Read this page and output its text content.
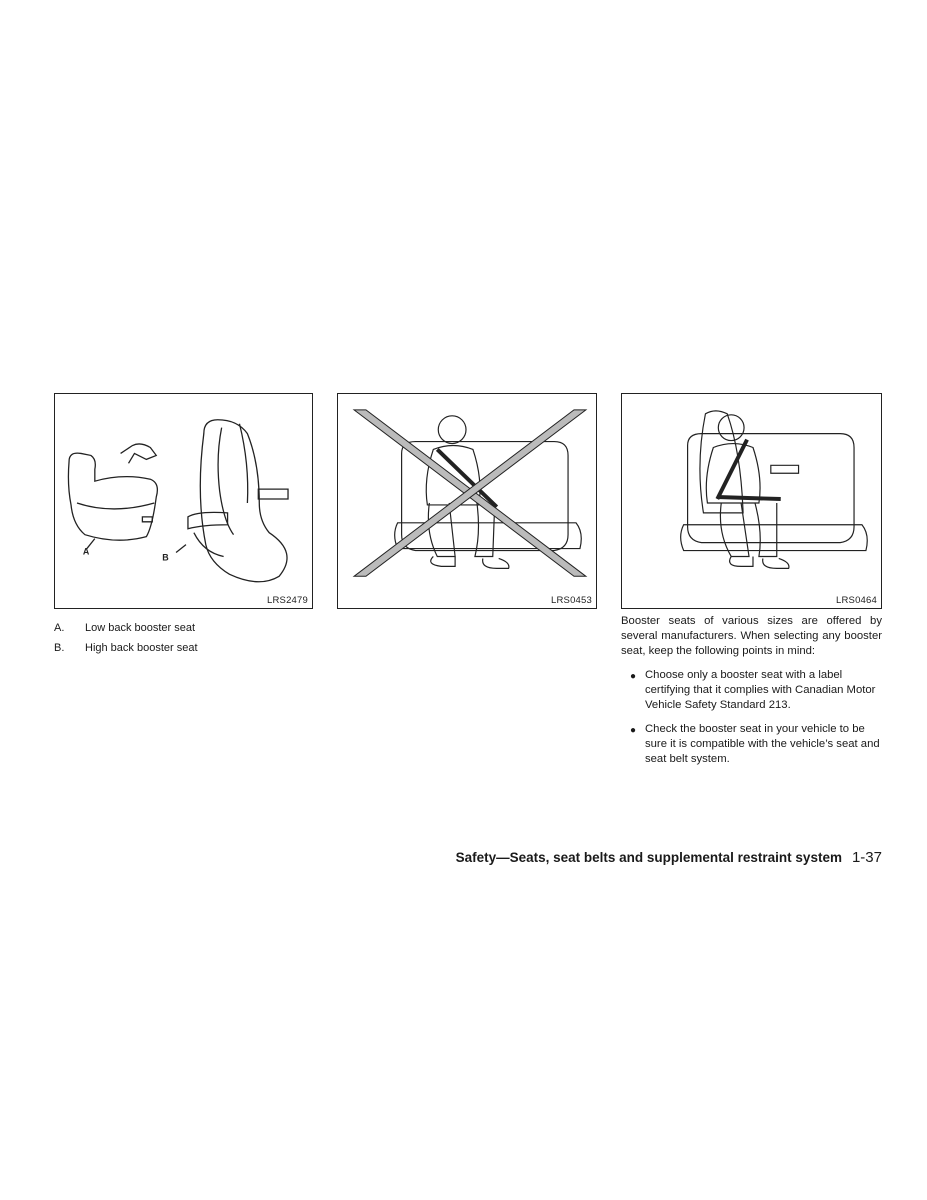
A
B
LRS2479	LRS0453	LRS0464
A.	Low back booster seat
B.	High back booster seat

Booster seats of various sizes are offered by several manufacturers. When selecting any booster seat, keep the following points in mind:

● Choose only a booster seat with a label certifying that it complies with Canadian Motor Vehicle Safety Standard 213.
● Check the booster seat in your vehicle to be sure it is compatible with the vehicle’s seat and seat belt system.
Safety—Seats, seat belts and supplemental restraint system 1-37
